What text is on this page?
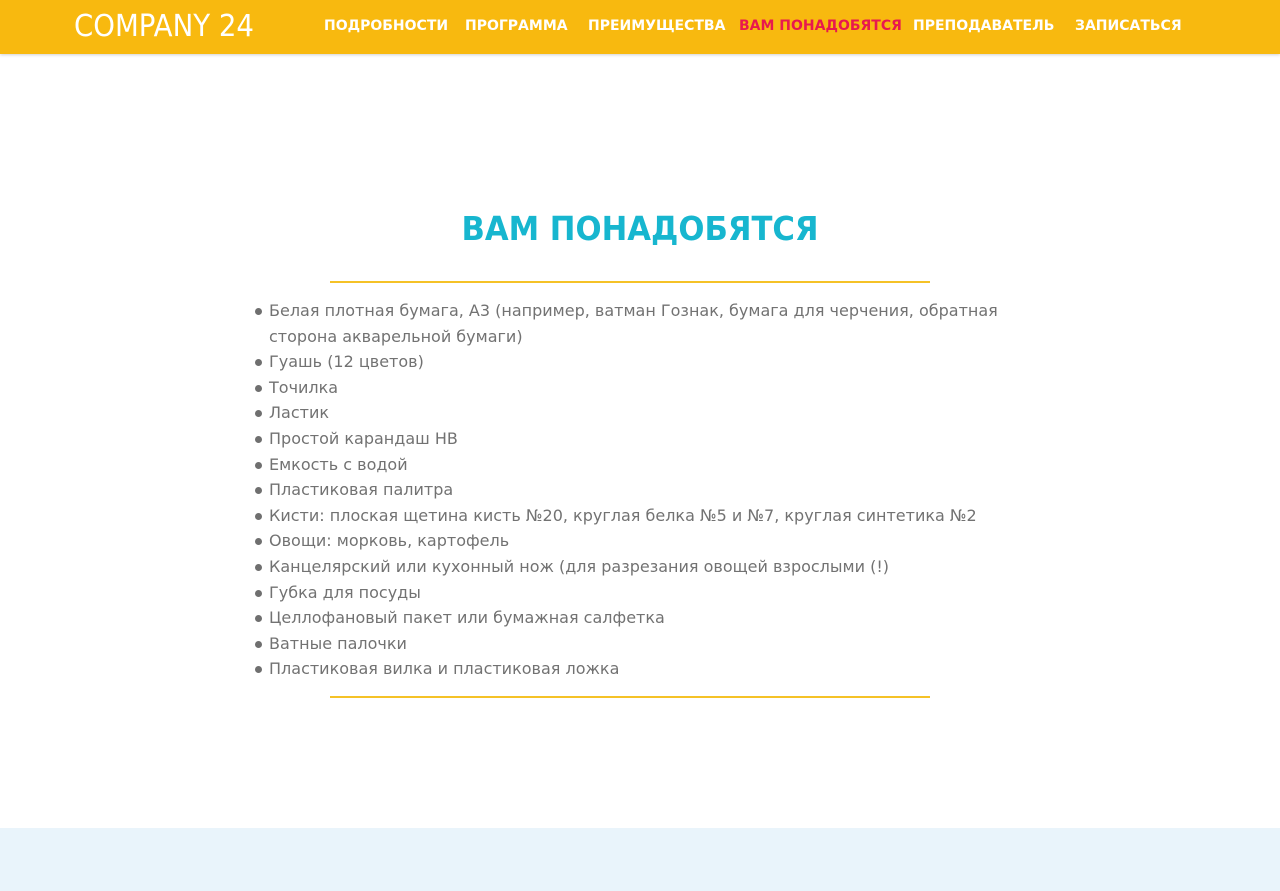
COMPANY 24	ПОДРОБНОСТИ ПРОГРАММА ПРЕИМУЩЕСТВА ВАМ ПОНАДОБЯТСЯ ПРЕПОДАВАТЕЛЬ ЗАПИСАТЬСЯ
ВАМ ПОНАДОБЯТСЯ
Белая плотная бумага, А3 (например, ватман Гознак, бумага для черчения, обратная сторона акварельной бумаги)
Гуашь (12 цветов)
Точилка
Ластик
Простой карандаш HB
Емкость с водой
Пластиковая палитра
Кисти: плоская щетина кисть №20, круглая белка №5 и №7, круглая синтетика №2
Овощи: морковь, картофель
Канцелярский или кухонный нож (для разрезания овощей взрослыми (!)
Губка для посуды
Целлофановый пакет или бумажная салфетка
Ватные палочки
Пластиковая вилка и пластиковая ложка
